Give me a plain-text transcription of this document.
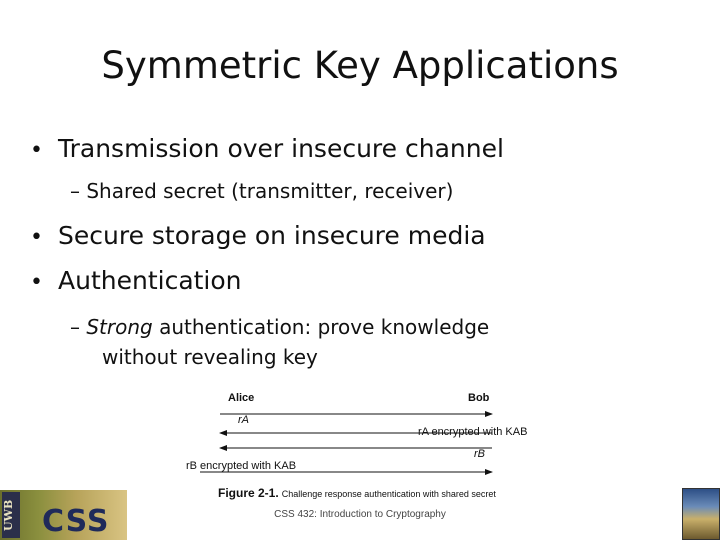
Symmetric Key Applications
• Transmission over insecure channel
– Shared secret (transmitter, receiver)
• Secure storage on insecure media
• Authentication
– Strong authentication: prove knowledge
without revealing key
Alice	Bob
rA
rA encrypted with KAB
rB
rB encrypted with KAB
Figure 2-1. Challenge response authentication with shared secret
UWB CSS	CSS 432: Introduction to Cryptography
